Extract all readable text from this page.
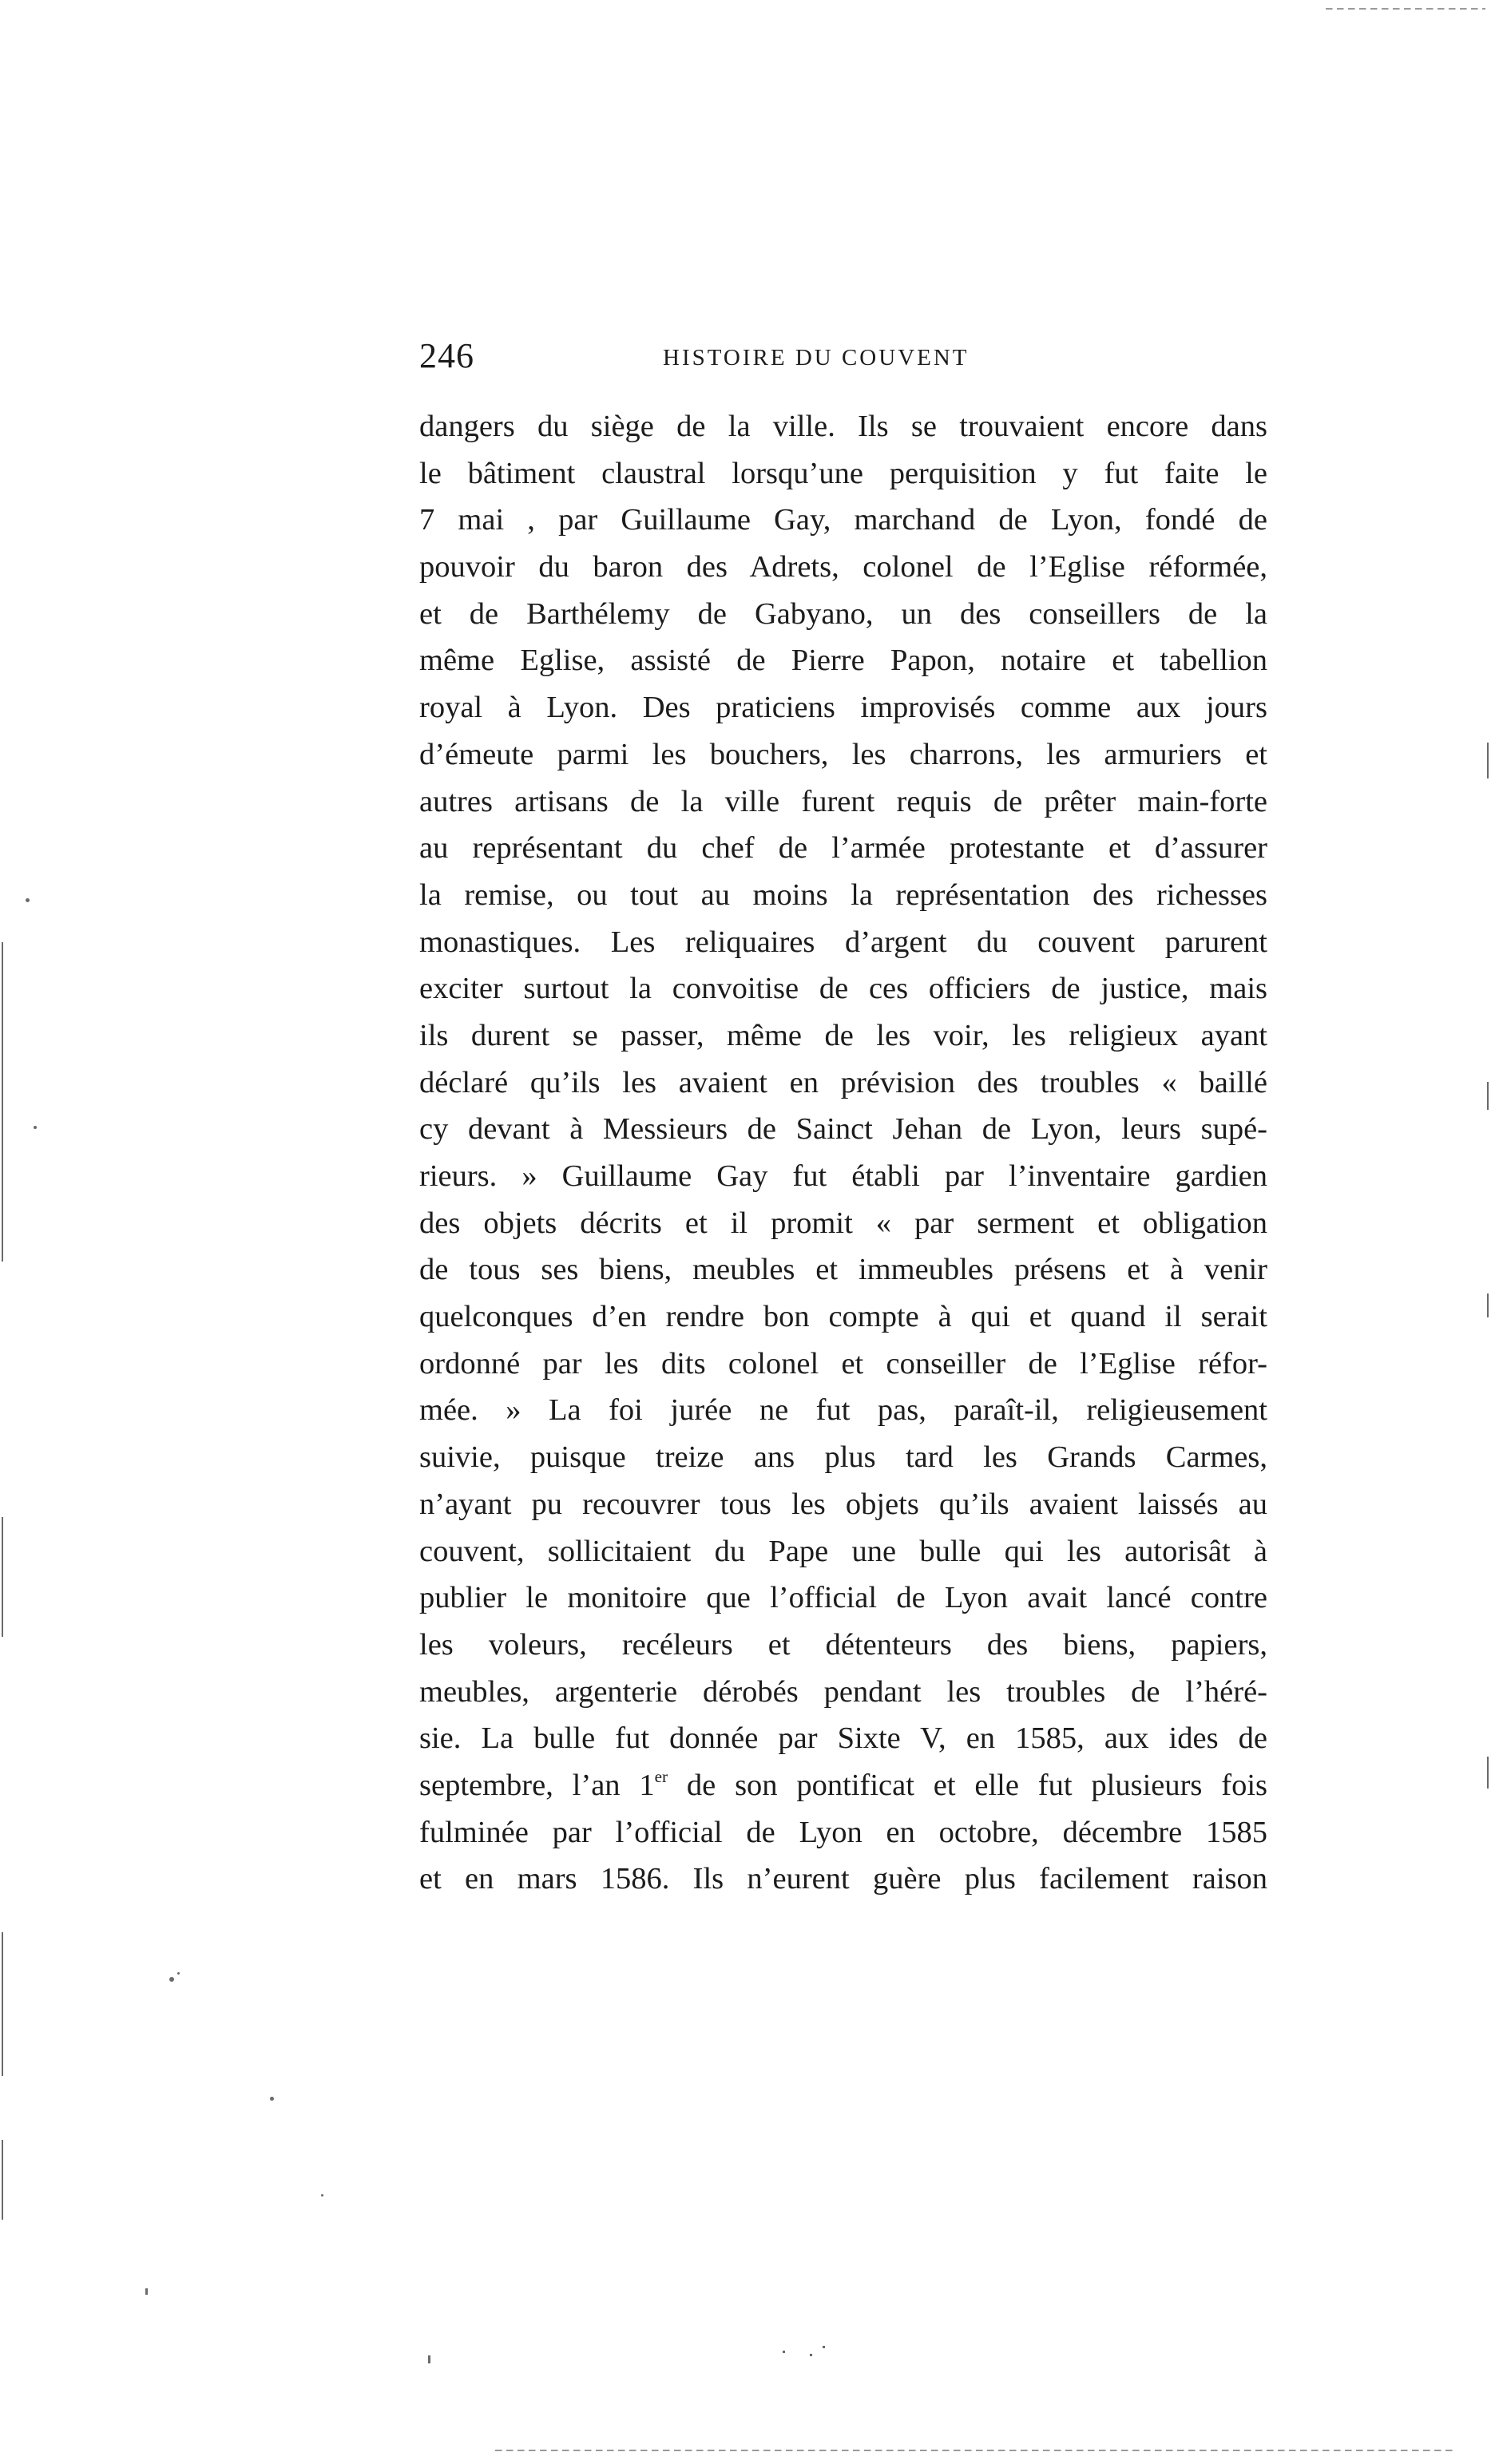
246	HISTOIRE DU COUVENT
dangers du siège de la ville. Ils se trouvaient encore dans
le bâtiment claustral lorsqu’une perquisition y fut faite le
7 mai , par Guillaume Gay, marchand de Lyon, fondé de
pouvoir du baron des Adrets, colonel de l’Eglise réformée,
et de Barthélemy de Gabyano, un des conseillers de la
même Eglise, assisté de Pierre Papon, notaire et tabellion
royal à Lyon. Des praticiens improvisés comme aux jours
d’émeute parmi les bouchers, les charrons, les armuriers et
autres artisans de la ville furent requis de prêter main-forte
au représentant du chef de l’armée protestante et d’assurer
la remise, ou tout au moins la représentation des richesses
monastiques. Les reliquaires d’argent du couvent parurent
exciter surtout la convoitise de ces officiers de justice, mais
ils durent se passer, même de les voir, les religieux ayant
déclaré qu’ils les avaient en prévision des troubles « baillé
cy devant à Messieurs de Sainct Jehan de Lyon, leurs supé-
rieurs. » Guillaume Gay fut établi par l’inventaire gardien
des objets décrits et il promit « par serment et obligation
de tous ses biens, meubles et immeubles présens et à venir
quelconques d’en rendre bon compte à qui et quand il serait
ordonné par les dits colonel et conseiller de l’Eglise réfor-
mée. » La foi jurée ne fut pas, paraît-il, religieusement
suivie, puisque treize ans plus tard les Grands Carmes,
n’ayant pu recouvrer tous les objets qu’ils avaient laissés au
couvent, sollicitaient du Pape une bulle qui les autorisât à
publier le monitoire que l’official de Lyon avait lancé contre
les voleurs, recéleurs et détenteurs des biens, papiers,
meubles, argenterie dérobés pendant les troubles de l’héré-
sie. La bulle fut donnée par Sixte V, en 1585, aux ides de
septembre, l’an 1er de son pontificat et elle fut plusieurs fois
fulminée par l’official de Lyon en octobre, décembre 1585
et en mars 1586. Ils n’eurent guère plus facilement raison
